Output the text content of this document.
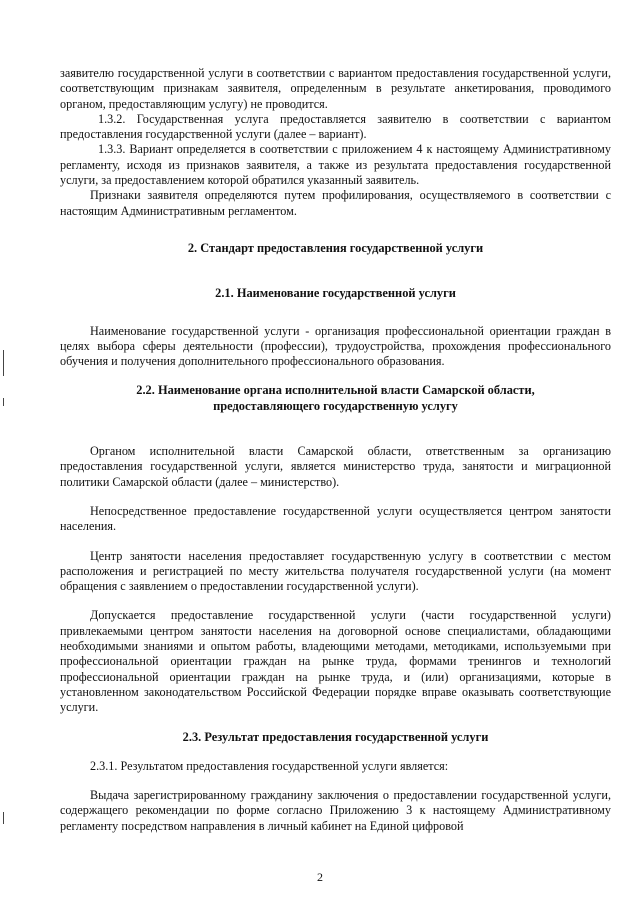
заявителю государственной услуги в соответствии с вариантом предоставления государственной услуги, соответствующим признакам заявителя, определенным в результате анкетирования, проводимого органом, предоставляющим услугу) не проводится.

1.3.2. Государственная услуга предоставляется заявителю в соответствии с вариантом предоставления государственной услуги (далее – вариант).

1.3.3. Вариант определяется в соответствии с приложением 4 к настоящему Административному регламенту, исходя из признаков заявителя, а также из результата предоставления государственной услуги, за предоставлением которой обратился указанный заявитель.

Признаки заявителя определяются путем профилирования, осуществляемого в соответствии с настоящим Административным регламентом.

2. Стандарт предоставления государственной услуги
2.1. Наименование государственной услуги

Наименование государственной услуги - организация профессиональной ориентации граждан в целях выбора сферы деятельности (профессии), трудоустройства, прохождения профессионального обучения и получения дополнительного профессионального образования.

2.2. Наименование органа исполнительной власти Самарской области,
предоставляющего государственную услугу

Органом исполнительной власти Самарской области, ответственным за организацию предоставления государственной услуги, является министерство труда, занятости и миграционной политики Самарской области (далее – министерство).

Непосредственное предоставление государственной услуги осуществляется центром занятости населения.

Центр занятости населения предоставляет государственную услугу в соответствии с местом расположения и регистрацией по месту жительства получателя государственной услуги (на момент обращения с заявлением о предоставлении государственной услуги).

Допускается предоставление государственной услуги (части государственной услуги) привлекаемыми центром занятости населения на договорной основе специалистами, обладающими необходимыми знаниями и опытом работы, владеющими методами, методиками, используемыми при профессиональной ориентации граждан на рынке труда, формами тренингов и технологий профессиональной ориентации граждан на рынке труда, и (или) организациями, которые в установленном законодательством Российской Федерации порядке вправе оказывать соответствующие услуги.

2.3. Результат предоставления государственной услуги

2.3.1. Результатом предоставления государственной услуги является:

Выдача зарегистрированному гражданину заключения о предоставлении государственной услуги, содержащего рекомендации по форме согласно Приложению 3 к настоящему Административному регламенту посредством направления в личный кабинет на Единой цифровой

2
